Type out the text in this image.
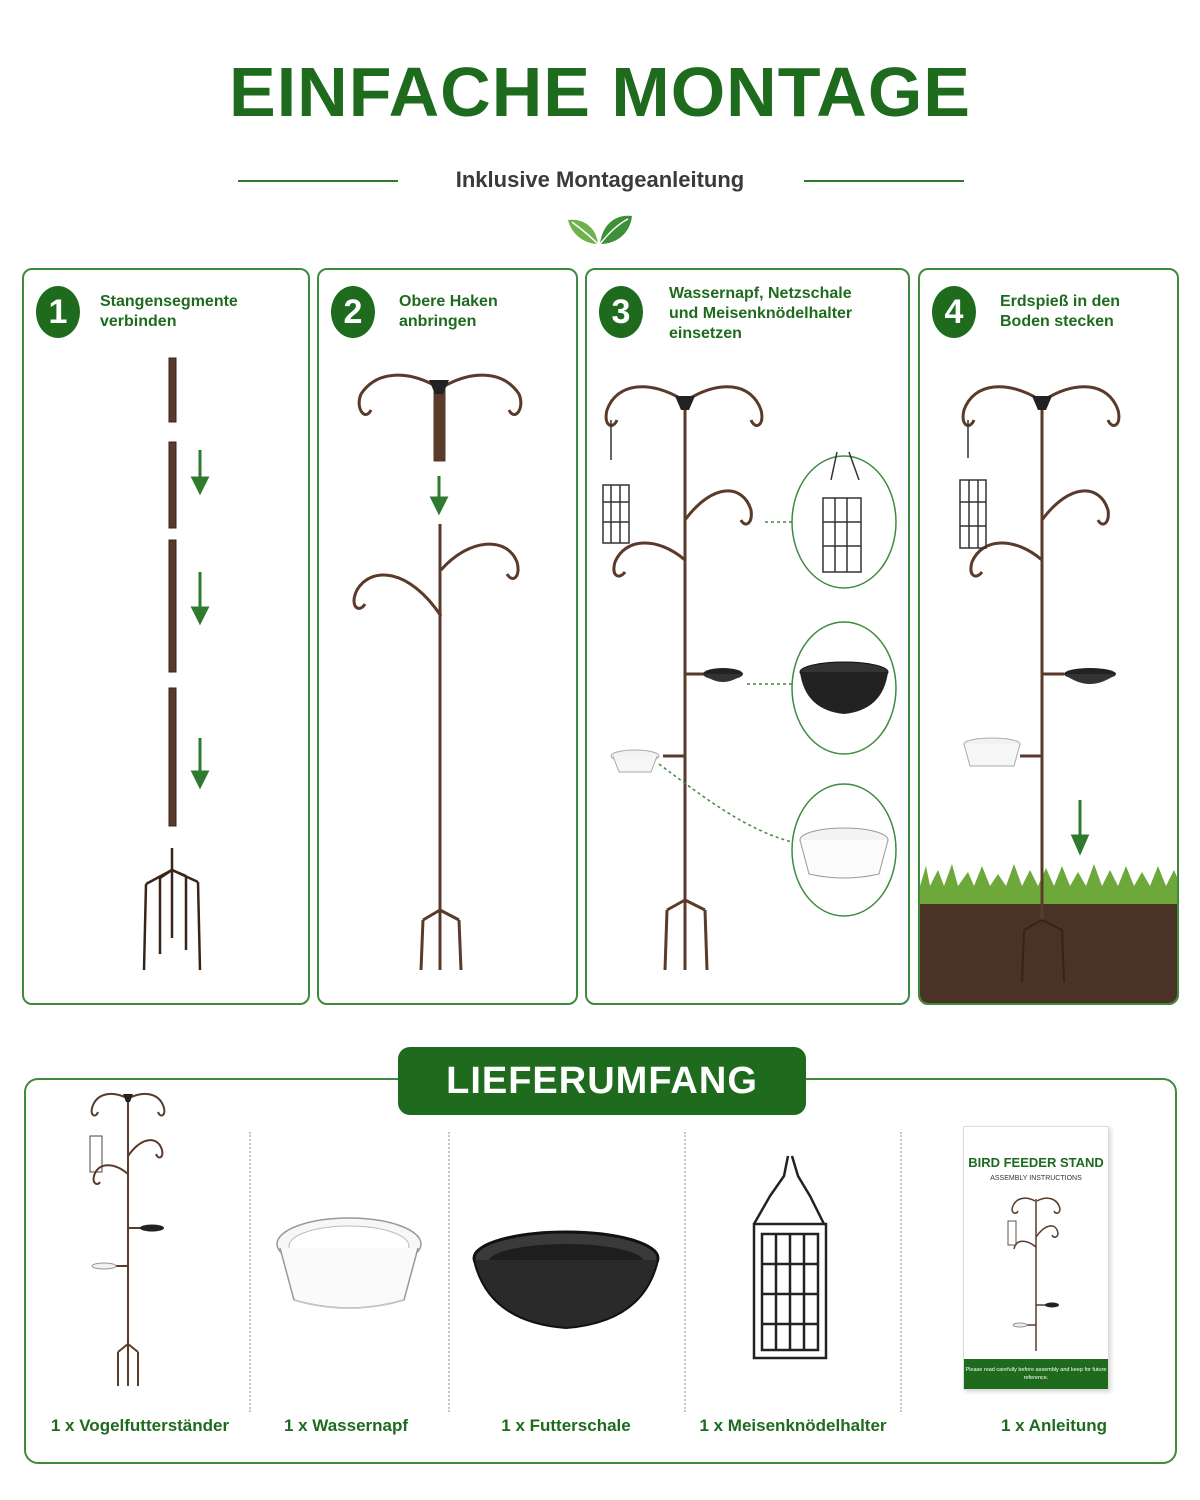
EINFACHE MONTAGE
Inklusive Montageanleitung
1	Stangensegmente
verbinden	2	Obere Haken
anbringen	3	Wassernapf, Netzschale
und Meisenknödelhalter
einsetzen
4	Erdspieß in den
Boden stecken
LIEFERUMFANG
BIRD FEEDER STAND
ASSEMBLY INSTRUCTIONS
Please read carefully before assembly and keep for future reference.
1 x Vogelfutterständer	1 x Wassernapf	1 x Futterschale	1 x Meisenknödelhalter	1 x Anleitung
